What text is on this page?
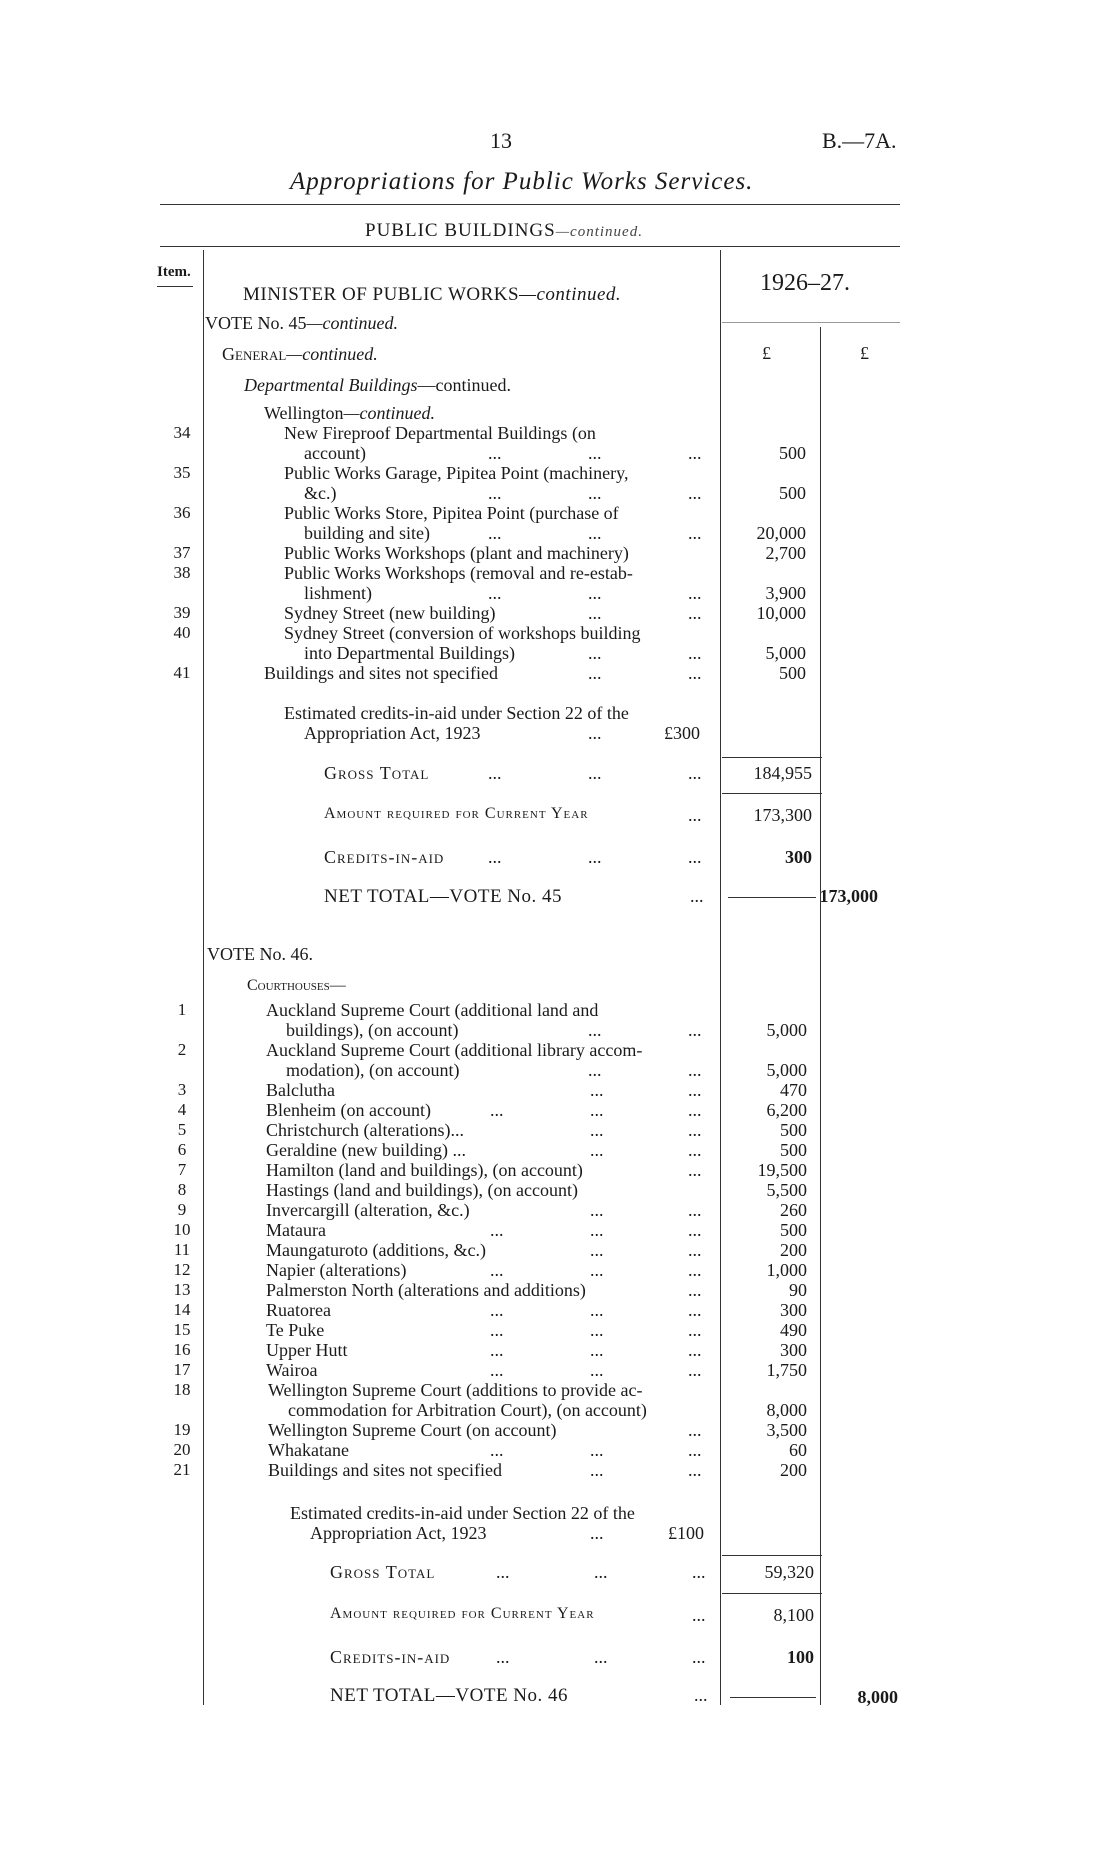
13	B.—7A.
Appropriations for Public Works Services.
PUBLIC BUILDINGS—continued.
Item.
MINISTER OF PUBLIC WORKS—continued.	1926–27.
£	£
VOTE No. 45—continued.
General—continued.
Departmental Buildings—continued.
Wellington—continued.
34	New Fireproof Departmental Buildings (on
account)	...	...	...	500
35	Public Works Garage, Pipitea Point (machinery,
&c.)	...	...	...	500
36	Public Works Store, Pipitea Point (purchase of
building and site)	...	...	...	20,000
37	Public Works Workshops (plant and machinery)	2,700
38	Public Works Workshops (removal and re-estab-
lishment)	...	...	...	3,900
39	Sydney Street (new building)	...	...	10,000
40	Sydney Street (conversion of workshops building
into Departmental Buildings)	...	...	5,000
41	Buildings and sites not specified	...	...	500
Estimated credits-in-aid under Section 22 of the
Appropriation Act, 1923	...	£300
Gross Total	...	...	...	184,955
Amount required for Current Year	...	173,300
Credits-in-aid ...	...	...	300
NET TOTAL—VOTE No. 45	...	173,000
VOTE No. 46.
Courthouses—
1	Auckland Supreme Court (additional land and
buildings), (on account)	...	...	5,000
2	Auckland Supreme Court (additional library accom-
modation), (on account)	...	...	5,000
3	Balclutha	...	...	470
4	Blenheim (on account)	...	...	...	6,200
5	Christchurch (alterations)...	...	...	500
6	Geraldine (new building) ...	...	...	500
7	Hamilton (land and buildings), (on account)	...	19,500
8	Hastings (land and buildings), (on account)	5,500
9	Invercargill (alteration, &c.)	...	...	260
10	Mataura	...	...	...	500
11	Maungaturoto (additions, &c.)	...	...	200
12	Napier (alterations)	...	...	...	1,000
13	Palmerston North (alterations and additions)	...	90
14	Ruatorea	...	...	...	300
15	Te Puke	...	...	...	490
16	Upper Hutt	...	...	...	300
17	Wairoa	...	...	...	1,750
18	Wellington Supreme Court (additions to provide ac-
commodation for Arbitration Court), (on account)	8,000
19	Wellington Supreme Court (on account)	...	3,500
20	Whakatane	...	...	...	60
21	Buildings and sites not specified	...	...	200
Estimated credits-in-aid under Section 22 of the
Appropriation Act, 1923	...	£100
Gross Total	...	...	...	59,320
Amount required for Current Year	...	8,100
Credits-in-aid	...	...	...	100
NET TOTAL—VOTE No. 46	...	8,000
